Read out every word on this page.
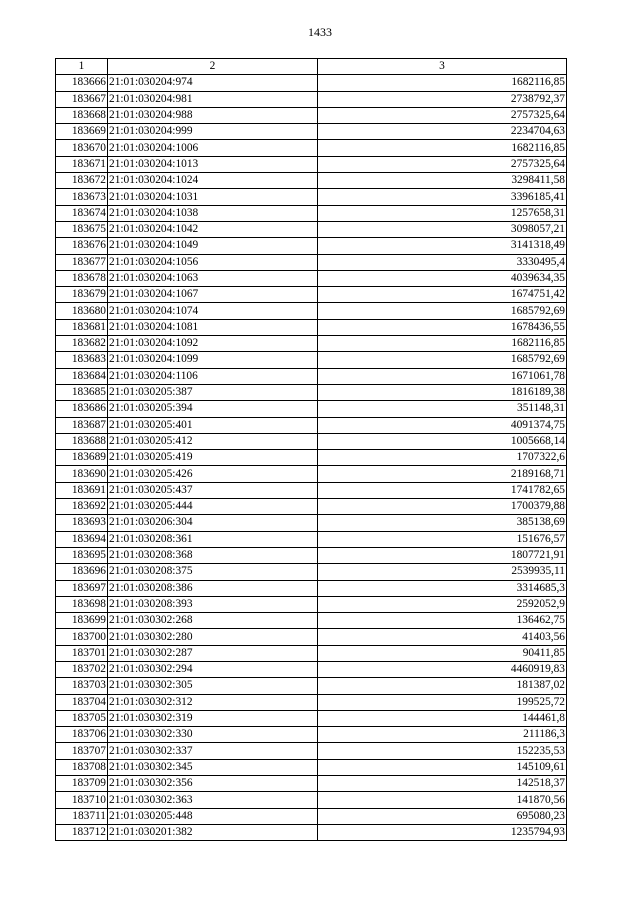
1433
1	2	3
183666	21:01:030204:974	1682116,85
183667	21:01:030204:981	2738792,37
183668	21:01:030204:988	2757325,64
183669	21:01:030204:999	2234704,63
183670	21:01:030204:1006	1682116,85
183671	21:01:030204:1013	2757325,64
183672	21:01:030204:1024	3298411,58
183673	21:01:030204:1031	3396185,41
183674	21:01:030204:1038	1257658,31
183675	21:01:030204:1042	3098057,21
183676	21:01:030204:1049	3141318,49
183677	21:01:030204:1056	3330495,4
183678	21:01:030204:1063	4039634,35
183679	21:01:030204:1067	1674751,42
183680	21:01:030204:1074	1685792,69
183681	21:01:030204:1081	1678436,55
183682	21:01:030204:1092	1682116,85
183683	21:01:030204:1099	1685792,69
183684	21:01:030204:1106	1671061,78
183685	21:01:030205:387	1816189,38
183686	21:01:030205:394	351148,31
183687	21:01:030205:401	4091374,75
183688	21:01:030205:412	1005668,14
183689	21:01:030205:419	1707322,6
183690	21:01:030205:426	2189168,71
183691	21:01:030205:437	1741782,65
183692	21:01:030205:444	1700379,88
183693	21:01:030206:304	385138,69
183694	21:01:030208:361	151676,57
183695	21:01:030208:368	1807721,91
183696	21:01:030208:375	2539935,11
183697	21:01:030208:386	3314685,3
183698	21:01:030208:393	2592052,9
183699	21:01:030302:268	136462,75
183700	21:01:030302:280	41403,56
183701	21:01:030302:287	90411,85
183702	21:01:030302:294	4460919,83
183703	21:01:030302:305	181387,02
183704	21:01:030302:312	199525,72
183705	21:01:030302:319	144461,8
183706	21:01:030302:330	211186,3
183707	21:01:030302:337	152235,53
183708	21:01:030302:345	145109,61
183709	21:01:030302:356	142518,37
183710	21:01:030302:363	141870,56
183711	21:01:030205:448	695080,23
183712	21:01:030201:382	1235794,93
